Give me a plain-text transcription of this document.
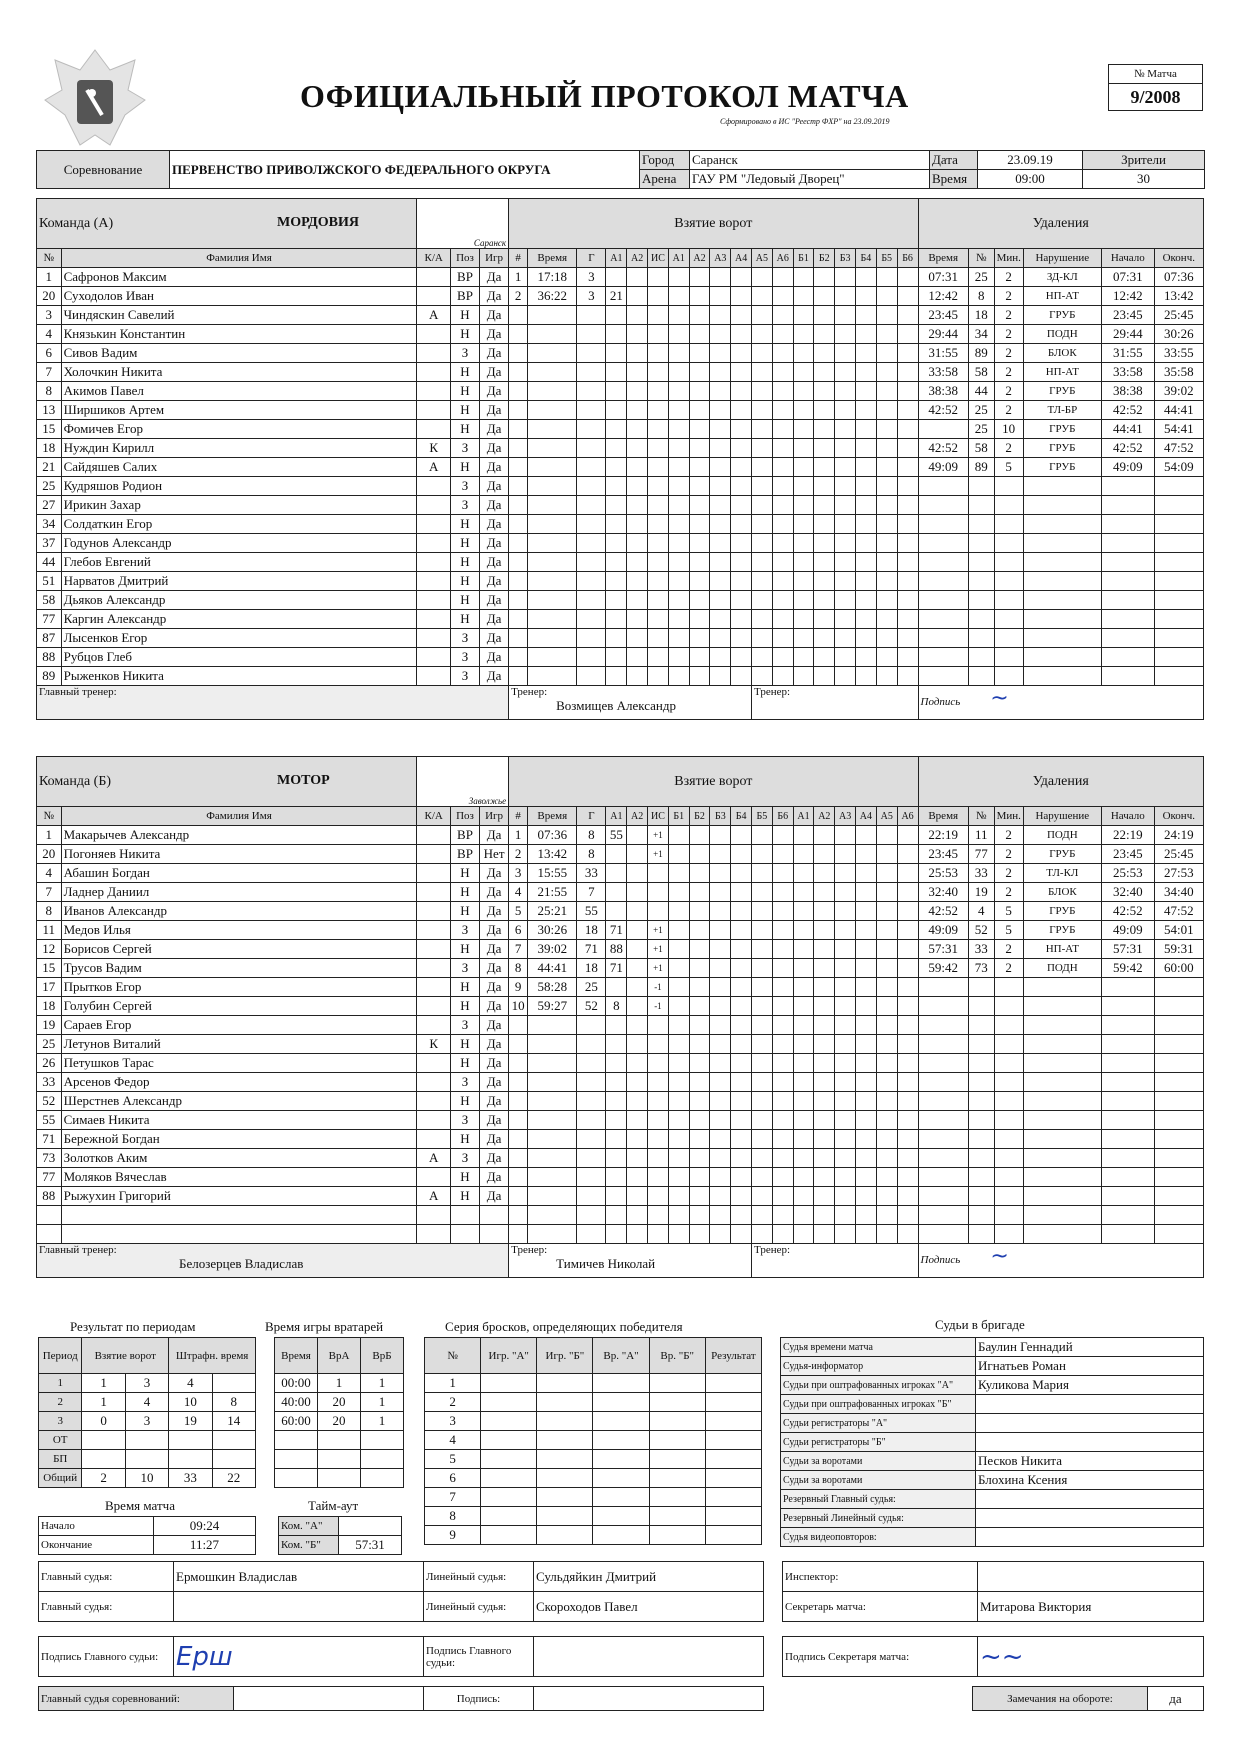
ОФИЦИАЛЬНЫЙ ПРОТОКОЛ МАТЧА
Сформировано в ИС "Реестр ФХР" на 23.09.2019
№ Матча
9/2008
Соревнование	ПЕРВЕНСТВО ПРИВОЛЖСКОГО ФЕДЕРАЛЬНОГО ОКРУГА	Город	Саранск	Дата	23.09.19	Зрители
		Арена	ГАУ РМ "Ледовый Дворец"	Время	09:00	30
Команда (А) МОРДОВИЯ		Саранск			Взятие ворот																		Удаления					
№	Фамилия Имя	К/А	Поз	Игр	#	Время	Г	А1	А2	ИС	А1	А2	А3	А4	А5	А6	Б1	Б2	Б3	Б4	Б5	Б6	Время	№	Мин.	Нарушение	Начало	Оконч.
1	Сафронов Максим		ВР	Да	1	17:18	3																07:31	25	2	ЗД-КЛ	07:31	07:36
20	Суходолов Иван		ВР	Да	2	36:22	3	21															12:42	8	2	НП-АТ	12:42	13:42
3	Чиндяскин Савелий	А	Н	Да																			23:45	18	2	ГРУБ	23:45	25:45
4	Князькин Константин		Н	Да																			29:44	34	2	ПОДН	29:44	30:26
6	Сивов Вадим		З	Да																			31:55	89	2	БЛОК	31:55	33:55
7	Холочкин Никита		Н	Да																			33:58	58	2	НП-АТ	33:58	35:58
8	Акимов Павел		Н	Да																			38:38	44	2	ГРУБ	38:38	39:02
13	Ширшиков Артем		Н	Да																			42:52	25	2	ТЛ-БР	42:52	44:41
15	Фомичев Егор		Н	Да																				25	10	ГРУБ	44:41	54:41
18	Нуждин Кирилл	К	З	Да																			42:52	58	2	ГРУБ	42:52	47:52
21	Сайдяшев Салих	А	Н	Да																			49:09	89	5	ГРУБ	49:09	54:09
25	Кудряшов Родион		З	Да																								
27	Ирикин Захар		З	Да																								
34	Солдаткин Егор		Н	Да																								
37	Годунов Александр		Н	Да																								
44	Глебов Евгений		Н	Да																								
51	Нарватов Дмитрий		Н	Да																								
58	Дьяков Александр		Н	Да																								
77	Каргин Александр		Н	Да																								
87	Лысенков Егор		З	Да																								
88	Рубцов Глеб		З	Да																								
89	Рыженков Никита		З	Да																								
Главный тренер:					Тренер:
Возмищев Александр										Тренер:								Подпись ~					
Команда (Б) МОТОР		Заволжье			Взятие ворот																		Удаления					
№	Фамилия Имя	К/А	Поз	Игр	#	Время	Г	А1	А2	ИС	Б1	Б2	Б3	Б4	Б5	Б6	А1	А2	А3	А4	А5	А6	Время	№	Мин.	Нарушение	Начало	Оконч.
1	Макарычев Александр		ВР	Да	1	07:36	8	55		+1													22:19	11	2	ПОДН	22:19	24:19
20	Погоняев Никита		ВР	Нет	2	13:42	8			+1													23:45	77	2	ГРУБ	23:45	25:45
4	Абашин Богдан		Н	Да	3	15:55	33																25:53	33	2	ТЛ-КЛ	25:53	27:53
7	Ладнер Даниил		Н	Да	4	21:55	7																32:40	19	2	БЛОК	32:40	34:40
8	Иванов Александр		Н	Да	5	25:21	55																42:52	4	5	ГРУБ	42:52	47:52
11	Медов Илья		З	Да	6	30:26	18	71		+1													49:09	52	5	ГРУБ	49:09	54:01
12	Борисов Сергей		Н	Да	7	39:02	71	88		+1													57:31	33	2	НП-АТ	57:31	59:31
15	Трусов Вадим		З	Да	8	44:41	18	71		+1													59:42	73	2	ПОДН	59:42	60:00
17	Прытков Егор		Н	Да	9	58:28	25			-1																		
18	Голубин Сергей		Н	Да	10	59:27	52	8		-1																		
19	Сараев Егор		З	Да																								
25	Летунов Виталий	К	Н	Да																								
26	Петушков Тарас		Н	Да																								
33	Арсенов Федор		З	Да																								
52	Шерстнев Александр		Н	Да																								
55	Симаев Никита		З	Да																								
71	Бережной Богдан		Н	Да																								
73	Золотков Аким	А	З	Да																								
77	Моляков Вячеслав		Н	Да																								
88	Рыжухин Григорий	А	Н	Да																								

Главный тренер:
Белозерцев Владислав					Тренер:
Тимичев Николай										Тренер:								Подпись ~					
Результат по периодам	Время игры вратарей	Серия бросков, определяющих победителя	Судьи в бригаде
Период	Взятие ворот		Штрафн. время	
1	1	3	4	
2	1	4	10	8
3	0	3	19	14
ОТ				
БП				
Общий	2	10	33	22
Время	ВрА	ВрБ
00:00	1	1
40:00	20	1
60:00	20	1

№	Игр. "А"	Игр. "Б"	Вр. "А"	Вр. "Б"	Результат
1					
2					
3					
4					
5					
6					
7					
8					
9					
Судья времени матча	Баулин Геннадий
Судья-информатор	Игнатьев Роман
Судьи при оштрафованных игроках "А"	Куликова Мария
Судьи при оштрафованных игроках "Б"	
Судьи регистраторы "А"	
Судьи регистраторы "Б"	
Судьи за воротами	Песков Никита
Судьи за воротами	Блохина Ксения
Резервный Главный судья:	
Резервный Линейный судья:	
Судья видеоповторов:	
Время матча	Тайм-аут
Начало	09:24
Окончание	11:27
Ком. "А"	
Ком. "Б"	57:31
Главный судья:	Ермошкин Владислав	Линейный судья:	Сульдяйкин Дмитрий
Главный судья:		Линейный судья:	Скороходов Павел
Инспектор:	
Секретарь матча:	Митарова Виктория
Подпись Главного судьи:	Ерш	Подпись Главного судьи:		Подпись Секретаря матча:	~~
Главный судья соревнований:		Подпись:		Замечания на обороте:	да
